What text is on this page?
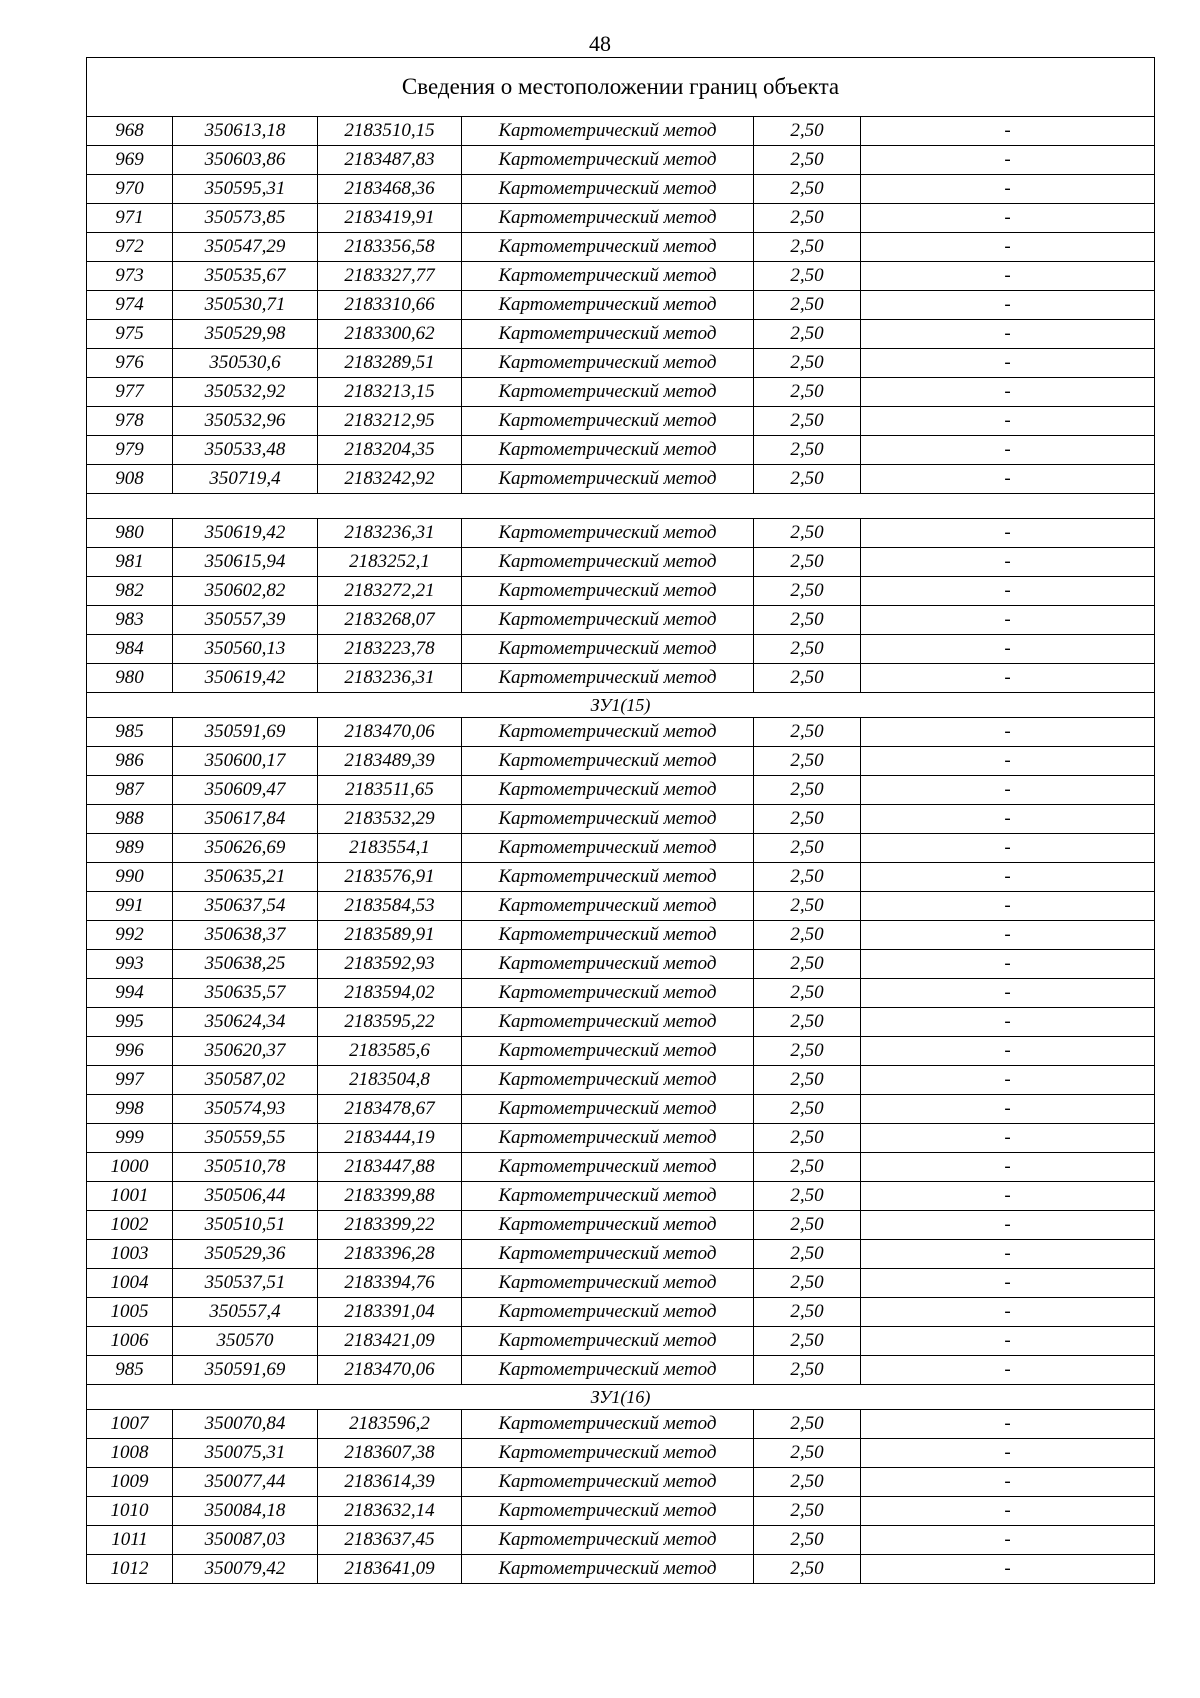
48
Сведения о местоположении границ объекта					
968	350613,18	2183510,15	Картометрический метод	2,50	-
969	350603,86	2183487,83	Картометрический метод	2,50	-
970	350595,31	2183468,36	Картометрический метод	2,50	-
971	350573,85	2183419,91	Картометрический метод	2,50	-
972	350547,29	2183356,58	Картометрический метод	2,50	-
973	350535,67	2183327,77	Картометрический метод	2,50	-
974	350530,71	2183310,66	Картометрический метод	2,50	-
975	350529,98	2183300,62	Картометрический метод	2,50	-
976	350530,6	2183289,51	Картометрический метод	2,50	-
977	350532,92	2183213,15	Картометрический метод	2,50	-
978	350532,96	2183212,95	Картометрический метод	2,50	-
979	350533,48	2183204,35	Картометрический метод	2,50	-
908	350719,4	2183242,92	Картометрический метод	2,50	-

980	350619,42	2183236,31	Картометрический метод	2,50	-
981	350615,94	2183252,1	Картометрический метод	2,50	-
982	350602,82	2183272,21	Картометрический метод	2,50	-
983	350557,39	2183268,07	Картометрический метод	2,50	-
984	350560,13	2183223,78	Картометрический метод	2,50	-
980	350619,42	2183236,31	Картометрический метод	2,50	-
ЗУ1(15)					
985	350591,69	2183470,06	Картометрический метод	2,50	-
986	350600,17	2183489,39	Картометрический метод	2,50	-
987	350609,47	2183511,65	Картометрический метод	2,50	-
988	350617,84	2183532,29	Картометрический метод	2,50	-
989	350626,69	2183554,1	Картометрический метод	2,50	-
990	350635,21	2183576,91	Картометрический метод	2,50	-
991	350637,54	2183584,53	Картометрический метод	2,50	-
992	350638,37	2183589,91	Картометрический метод	2,50	-
993	350638,25	2183592,93	Картометрический метод	2,50	-
994	350635,57	2183594,02	Картометрический метод	2,50	-
995	350624,34	2183595,22	Картометрический метод	2,50	-
996	350620,37	2183585,6	Картометрический метод	2,50	-
997	350587,02	2183504,8	Картометрический метод	2,50	-
998	350574,93	2183478,67	Картометрический метод	2,50	-
999	350559,55	2183444,19	Картометрический метод	2,50	-
1000	350510,78	2183447,88	Картометрический метод	2,50	-
1001	350506,44	2183399,88	Картометрический метод	2,50	-
1002	350510,51	2183399,22	Картометрический метод	2,50	-
1003	350529,36	2183396,28	Картометрический метод	2,50	-
1004	350537,51	2183394,76	Картометрический метод	2,50	-
1005	350557,4	2183391,04	Картометрический метод	2,50	-
1006	350570	2183421,09	Картометрический метод	2,50	-
985	350591,69	2183470,06	Картометрический метод	2,50	-
ЗУ1(16)					
1007	350070,84	2183596,2	Картометрический метод	2,50	-
1008	350075,31	2183607,38	Картометрический метод	2,50	-
1009	350077,44	2183614,39	Картометрический метод	2,50	-
1010	350084,18	2183632,14	Картометрический метод	2,50	-
1011	350087,03	2183637,45	Картометрический метод	2,50	-
1012	350079,42	2183641,09	Картометрический метод	2,50	-
